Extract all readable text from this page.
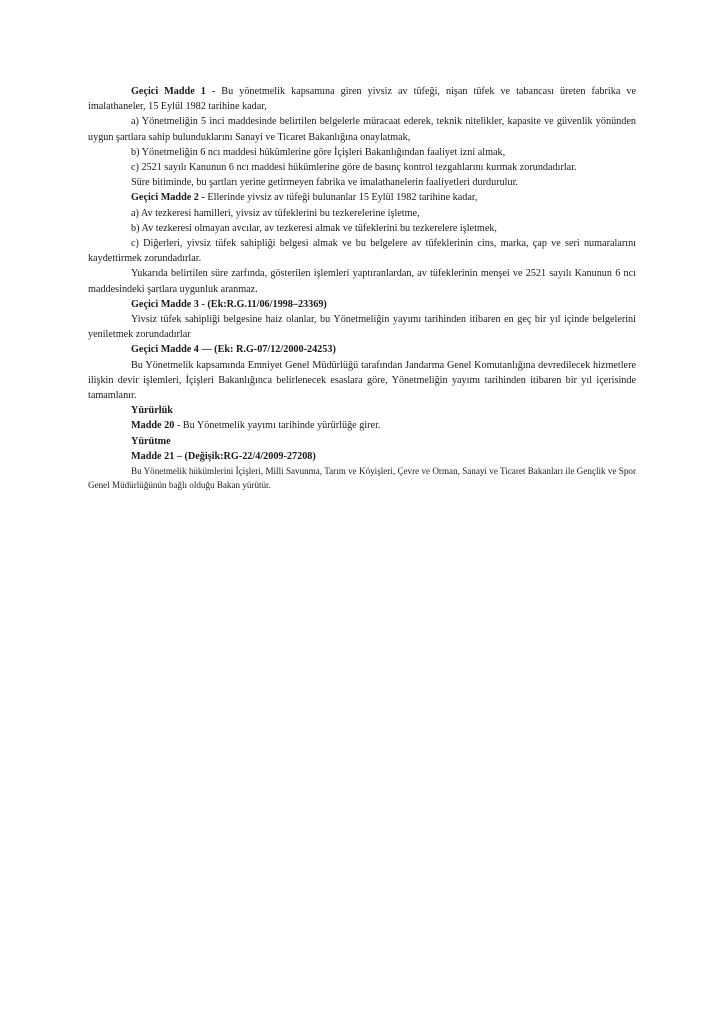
Geçici Madde 1 - Bu yönetmelik kapsamına giren yivsiz av tüfeği, nişan tüfek ve tabancası üreten fabrika ve imalathaneler, 15 Eylül 1982 tarihine kadar,

a) Yönetmeliğin 5 inci maddesinde belirtilen belgelerle müracaat ederek, teknik nitelikler, kapasite ve güvenlik yönünden uygun şartlara sahip bulunduklarını Sanayi ve Ticaret Bakanlığına onaylatmak,

b) Yönetmeliğin 6 ncı maddesi hükümlerine göre İçişleri Bakanlığından faaliyet izni almak,

c) 2521 sayılı Kanunun 6 ncı maddesi hükümlerine göre de basınç kontrol tezgahlarını kurmak zorundadırlar.

Süre bitiminde, bu şartları yerine getirmeyen fabrika ve imalathanelerin faaliyetleri durdurulur.

Geçici Madde 2 - Ellerinde yivsiz av tüfeği bulunanlar 15 Eylül 1982 tarihine kadar,

a) Av tezkeresi hamilleri, yivsiz av tüfeklerini bu tezkerelerine işletme,

b) Av tezkeresi olmayan avcılar, av tezkeresi almak ve tüfeklerini bu tezkerelere işletmek,

c) Diğerleri, yivsiz tüfek sahipliği belgesi almak ve bu belgelere av tüfeklerinin cins, marka, çap ve seri numaralarını kaydettirmek zorundadırlar.

Yukarıda belirtilen süre zarfında, gösterilen işlemleri yaptıranlardan, av tüfeklerinin menşei ve 2521 sayılı Kanunun 6 ncı maddesindeki şartlara uygunluk aranmaz.

Geçici Madde 3 - (Ek:R.G.11/06/1998–23369)

Yivsiz tüfek sahipliği belgesine haiz olanlar, bu Yönetmeliğin yayımı tarihinden itibaren en geç bir yıl içinde belgelerini yeniletmek zorundadırlar

Geçici Madde 4 — (Ek: R.G-07/12/2000-24253)

Bu Yönetmelik kapsamında Emniyet Genel Müdürlüğü tarafından Jandarma Genel Komutanlığına devredilecek hizmetlere ilişkin devir işlemleri, İçişleri Bakanlığınca belirlenecek esaslara göre, Yönetmeliğin yayımı tarihinden itibaren bir yıl içerisinde tamamlanır.

Yürürlük

Madde 20 - Bu Yönetmelik yayımı tarihinde yürürlüğe girer.

Yürütme

Madde 21 – (Değişik:RG-22/4/2009-27208)

Bu Yönetmelik hükümlerini İçişleri, Milli Savunma, Tarım ve Köyişleri, Çevre ve Orman, Sanayi ve Ticaret Bakanları ile Gençlik ve Spor Genel Müdürlüğünün bağlı olduğu Bakan yürütür.
